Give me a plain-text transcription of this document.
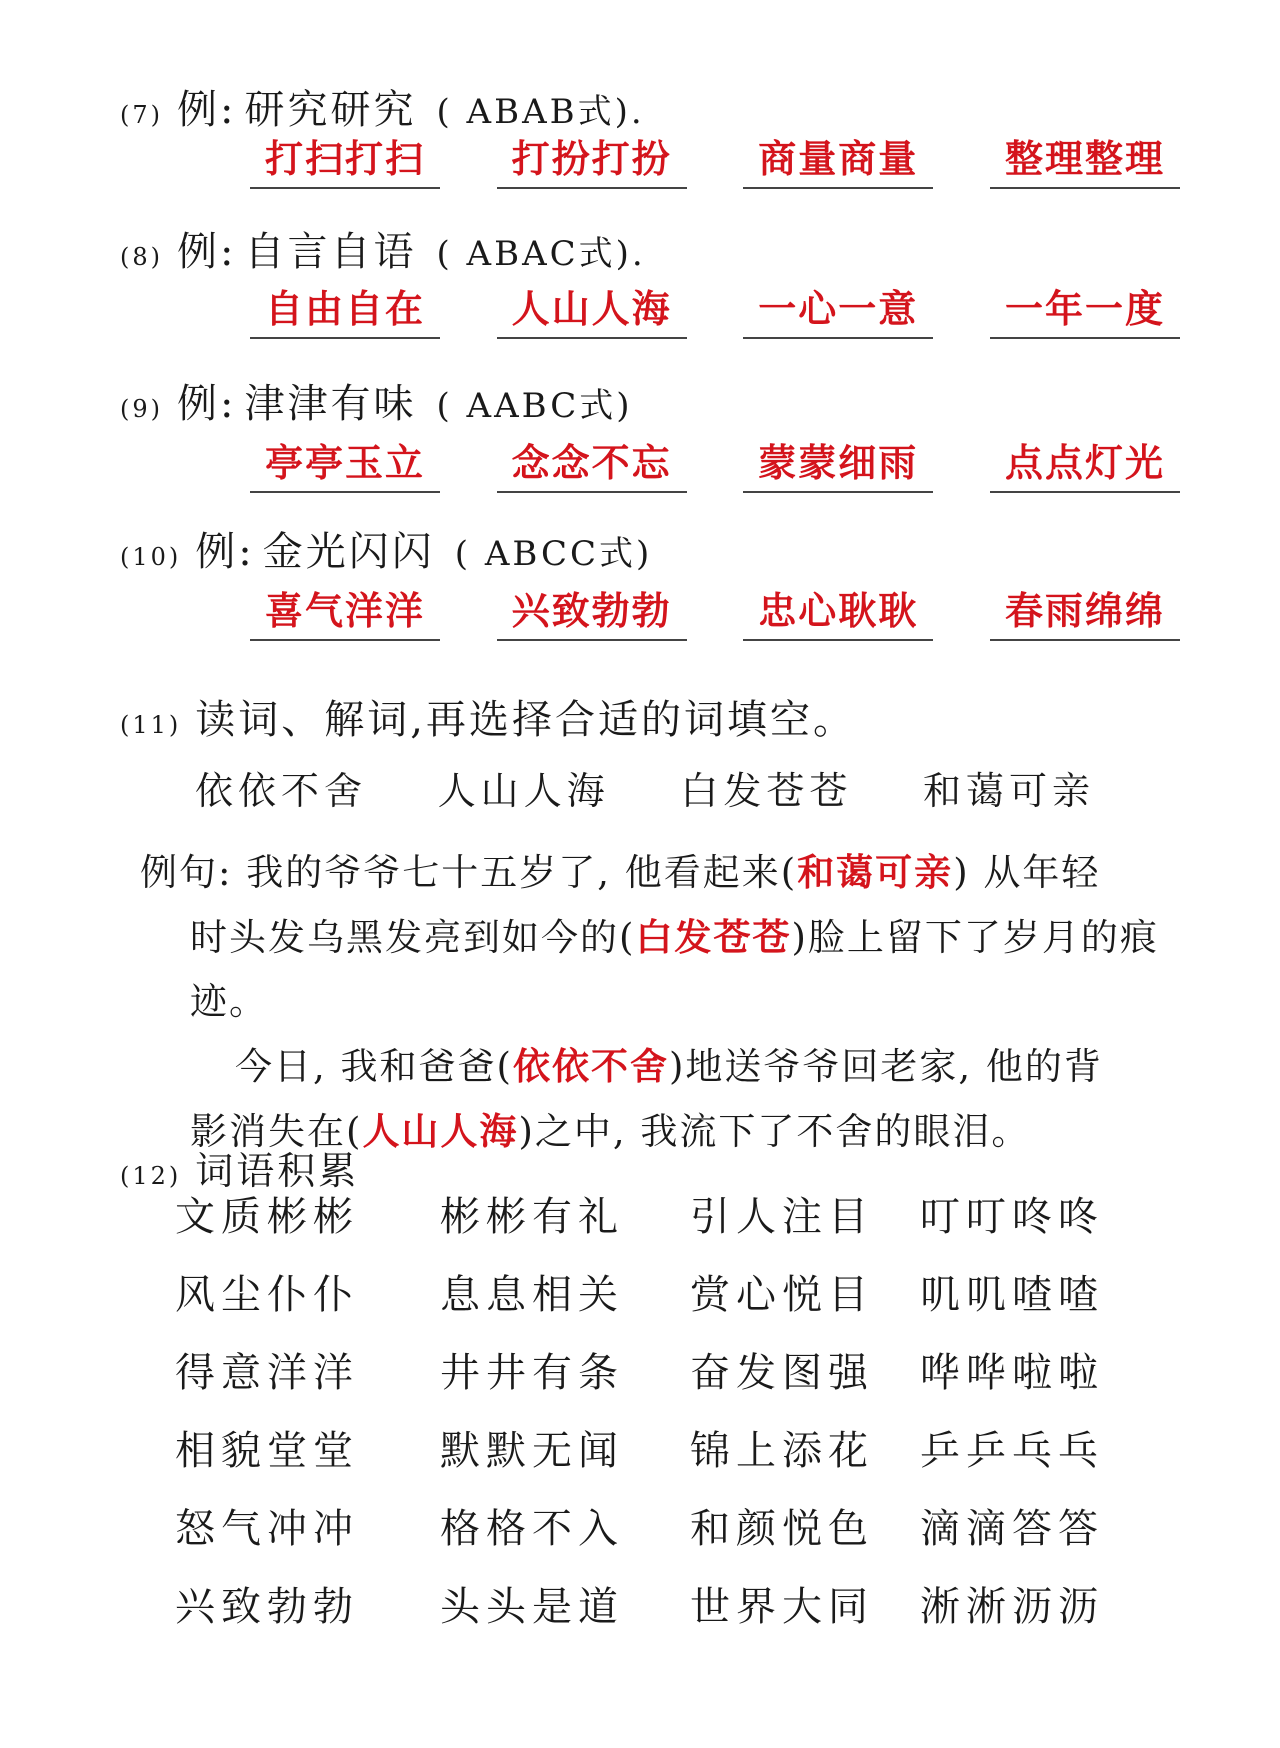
(7) 例: 研究研究 ( ABAB式).
打扫打扫	打扮打扮	商量商量	整理整理
(8) 例: 自言自语 ( ABAC式).
自由自在	人山人海	一心一意	一年一度
(9) 例: 津津有味 ( AABC式)
亭亭玉立	念念不忘	蒙蒙细雨	点点灯光
(10) 例: 金光闪闪 ( ABCC式)
喜气洋洋	兴致勃勃	忠心耿耿	春雨绵绵
(11) 读词、解词,再选择合适的词填空。
依依不舍 人山人海 白发苍苍 和蔼可亲
例句: 我的爷爷七十五岁了, 他看起来(和蔼可亲) 从年轻
时头发乌黑发亮到如今的(白发苍苍)脸上留下了岁月的痕
迹。
今日, 我和爸爸(依依不舍)地送爷爷回老家, 他的背
影消失在(人山人海)之中, 我流下了不舍的眼泪。
(12) 词语积累
文质彬彬	彬彬有礼	引人注目	叮叮咚咚
风尘仆仆	息息相关	赏心悦目	叽叽喳喳
得意洋洋	井井有条	奋发图强	哗哗啦啦
相貌堂堂	默默无闻	锦上添花	乒乒乓乓
怒气冲冲	格格不入	和颜悦色	滴滴答答
兴致勃勃	头头是道	世界大同	淅淅沥沥
